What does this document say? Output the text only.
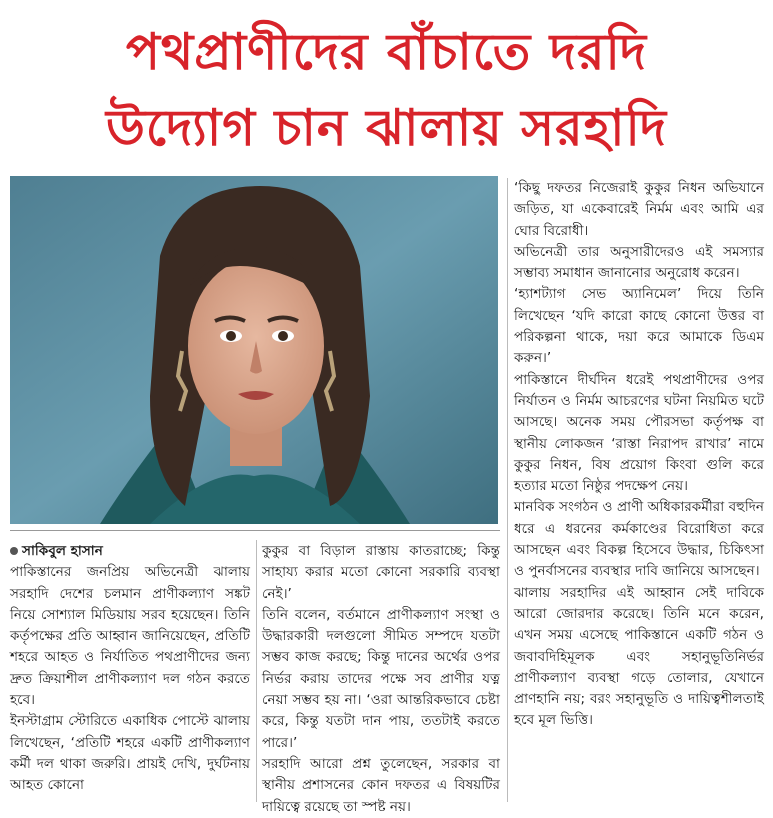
পথপ্রাণীদের বাঁচাতে দরদি
উদ্যোগ চান ঝালায় সরহাদি

সাকিবুল হাসান

পাকিস্তানের জনপ্রিয় অভিনেত্রী ঝালায় সরহাদি দেশের চলমান প্রাণীকল্যাণ সঙ্কট নিয়ে সোশ্যাল মিডিয়ায় সরব হয়েছেন। তিনি কর্তৃপক্ষের প্রতি আহ্বান জানিয়েছেন, প্রতিটি শহরে আহত ও নির্যাতিত পথপ্রাণীদের জন্য দ্রুত ক্রিয়াশীল প্রাণীকল্যাণ দল গঠন করতে হবে।

ইনস্টাগ্রাম স্টোরিতে একাধিক পোস্টে ঝালায় লিখেছেন, ‘প্রতিটি শহরে একটি প্রাণীকল্যাণ কর্মী দল থাকা জরুরি। প্রায়ই দেখি, দুর্ঘটনায় আহত কোনো

কুকুর বা বিড়াল রাস্তায় কাতরাচ্ছে; কিন্তু সাহায্য করার মতো কোনো সরকারি ব্যবস্থা নেই।’

তিনি বলেন, বর্তমানে প্রাণীকল্যাণ সংস্থা ও উদ্ধারকারী দলগুলো সীমিত সম্পদে যতটা সম্ভব কাজ করছে; কিন্তু দানের অর্থের ওপর নির্ভর করায় তাদের পক্ষে সব প্রাণীর যত্ন নেয়া সম্ভব হয় না। ‘ওরা আন্তরিকভাবে চেষ্টা করে, কিন্তু যতটা দান পায়, ততটাই করতে পারে।’

সরহাদি আরো প্রশ্ন তুলেছেন, সরকার বা স্থানীয় প্রশাসনের কোন দফতর এ বিষয়টির দায়িত্বে রয়েছে তা স্পষ্ট নয়।

‘কিছু দফতর নিজেরাই কুকুর নিধন অভিযানে জড়িত, যা একেবারেই নির্মম এবং আমি এর ঘোর বিরোধী।

অভিনেত্রী তার অনুসারীদেরও এই সমস্যার সম্ভাব্য সমাধান জানানোর অনুরোধ করেন।

‘হ্যাশট্যাগ সেভ অ্যানিমেল’ দিয়ে তিনি লিখেছেন ‘যদি কারো কাছে কোনো উত্তর বা পরিকল্পনা থাকে, দয়া করে আমাকে ডিএম করুন।’

পাকিস্তানে দীর্ঘদিন ধরেই পথপ্রাণীদের ওপর নির্যাতন ও নির্মম আচরণের ঘটনা নিয়মিত ঘটে আসছে। অনেক সময় পৌরসভা কর্তৃপক্ষ বা স্থানীয় লোকজন ‘রাস্তা নিরাপদ রাখার’ নামে কুকুর নিধন, বিষ প্রয়োগ কিংবা গুলি করে হত্যার মতো নিষ্ঠুর পদক্ষেপ নেয়।

মানবিক সংগঠন ও প্রাণী অধিকারকর্মীরা বহুদিন ধরে এ ধরনের কর্মকাণ্ডের বিরোধিতা করে আসছেন এবং বিকল্প হিসেবে উদ্ধার, চিকিৎসা ও পুনর্বাসনের ব্যবস্থার দাবি জানিয়ে আসছেন।

ঝালায় সরহাদির এই আহ্বান সেই দাবিকে আরো জোরদার করেছে। তিনি মনে করেন, এখন সময় এসেছে পাকিস্তানে একটি গঠন ও জবাবদিহিমূলক এবং সহানুভূতিনির্ভর প্রাণীকল্যাণ ব্যবস্থা গড়ে তোলার, যেখানে প্রাণহানি নয়; বরং সহানুভূতি ও দায়িত্বশীলতাই হবে মূল ভিত্তি।
